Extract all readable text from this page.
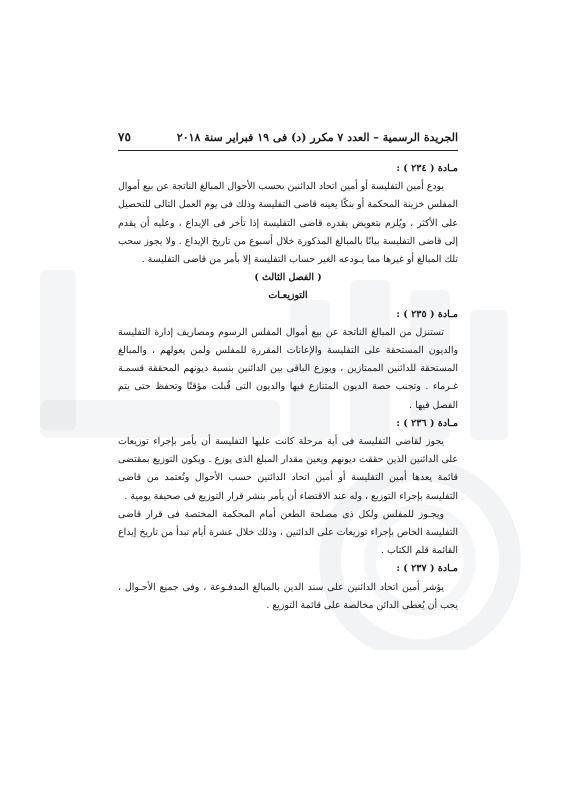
الجريدة الرسمية – العدد ٧ مكرر (د) فى ١٩ فبراير سنة ٢٠١٨
٧٥

مـادة ( ٢٣٤ ) :

يودع أمين التفليسة أو أمين اتحاد الدائنين بحسب الأحوال المبالغ الناتجة عن بيع أموال المفلس خزينة المحكمة أو بنكًا يعينه قاضى التفليسة وذلك فى يوم العمل التالى للتحصيل على الأكثر ، ويُلزم بتعويض يقدره قاضى التفليسة إذا تأخر فى الإيداع ، وعليه أن يقدم إلى قاضى التفليسة بيانًا بالمبالغ المذكورة خلال أسبوع من تاريخ الإيداع . ولا يجوز سحب تلك المبالغ أو غيرها مما يـودعه الغير حساب التفليسة إلا بأمر من قاضى التفليسة .

( الفصل الثالث )

التوزيعـات

مـادة ( ٢٣٥ ) :

تستنزل من المبالغ الناتجة عن بيع أموال المفلس الرسوم ومصاريف إدارة التفليسة والديون المستحقة على التفليسة والإعانات المقررة للمفلس ولمن يعولهم ، والمبالغ المستحقة للدائنين الممتازين ، ويوزع الباقى بين الدائنين بنسبة ديونهم المحققة قسمـة غـرماء . وتجنب حصة الديون المتنازع فيها والديون التى قُبلت مؤقتًا وتحفظ حتى يتم الفصل فيها .

مـادة ( ٢٣٦ ) :

يجوز لقاضى التفليسة فى أية مرحلة كانت عليها التفليسة أن يأمر بإجراء توزيعات على الدائنين الذين حققت ديونهم ويعين مقدار المبلغ الذى يوزع . ويكون التوزيع بمقتضى قائمة يعدها أمين التفليسة أو أمين اتحاد الدائنين حسب الأحوال وتُعتمد من قاضى التفليسة بإجراء التوزيع ، وله عند الاقتضاء أن يأمر بنشر قرار التوزيع فى صحيفة يومية .

ويجـوز للمفلس ولكل ذى مصلحة الطعن أمام المحكمة المختصة فى قرار قاضى التفليسة الخاص بإجراء توزيعات على الدائنين ، وذلك خلال عشرة أيام تبدأ من تاريخ إيداع القائمة قلم الكتاب .

مـادة ( ٢٣٧ ) :

يؤشر أمين اتحاد الدائنين على سند الدين بالمبالغ المدفـوعة ، وفى جميع الأحـوال ، يجب أن يُعطى الدائن مخالصة على قائمة التوزيع .
